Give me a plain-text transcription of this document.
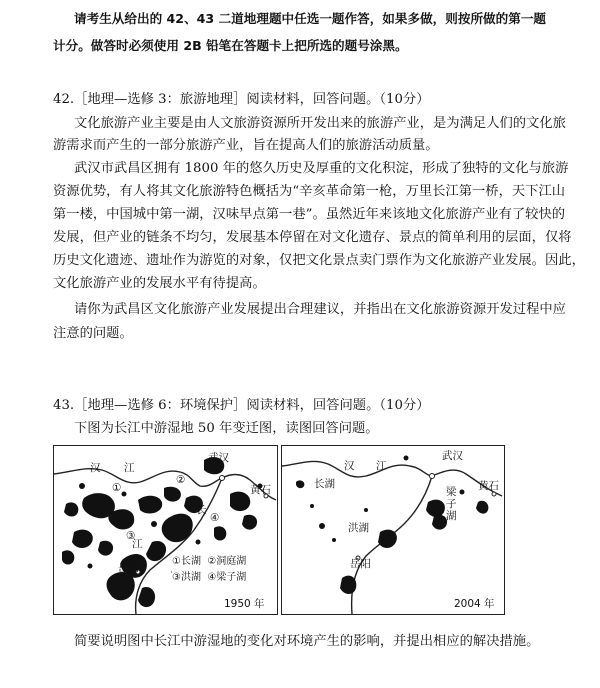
请考生从给出的 42、43 二道地理题中任选一题作答，如果多做，则按所做的第一题
计分。做答时必须使用 2B 铅笔在答题卡上把所选的题号涂黑。
42.［地理—选修 3：旅游地理］阅读材料，回答问题。（10分）
文化旅游产业主要是由人文旅游资源所开发出来的旅游产业，是为满足人们的文化旅
游需求而产生的一部分旅游产业，旨在提高人们的旅游活动质量。
武汉市武昌区拥有 1800 年的悠久历史及厚重的文化积淀，形成了独特的文化与旅游
资源优势，有人将其文化旅游特色概括为“辛亥革命第一枪，万里长江第一桥，天下江山
第一楼，中国城中第一湖，汉味早点第一巷”。虽然近年来该地文化旅游产业有了较快的
发展，但产业的链条不均匀，发展基本停留在对文化遗存、景点的简单利用的层面，仅将
历史文化遗迹、遗址作为游览的对象，仅把文化景点卖门票作为文化旅游产业发展。因此，
文化旅游产业的发展水平有待提高。
请你为武昌区文化旅游产业发展提出合理建议，并指出在文化旅游资源开发过程中应
注意的问题。
43.［地理—选修 6：环境保护］阅读材料，回答问题。（10分）
下图为长江中游湿地 50 年变迁图，读图回答问题。
汉 江
武汉
黄石
长
江
岳阳
①
②
③
④
①长湖 ②洞庭湖
③洪湖 ④梁子湖
1950 年
汉 江
武汉
黄石
长湖
梁子湖
洪湖
岳阳
2004 年
简要说明图中长江中游湿地的变化对环境产生的影响，并提出相应的解决措施。
